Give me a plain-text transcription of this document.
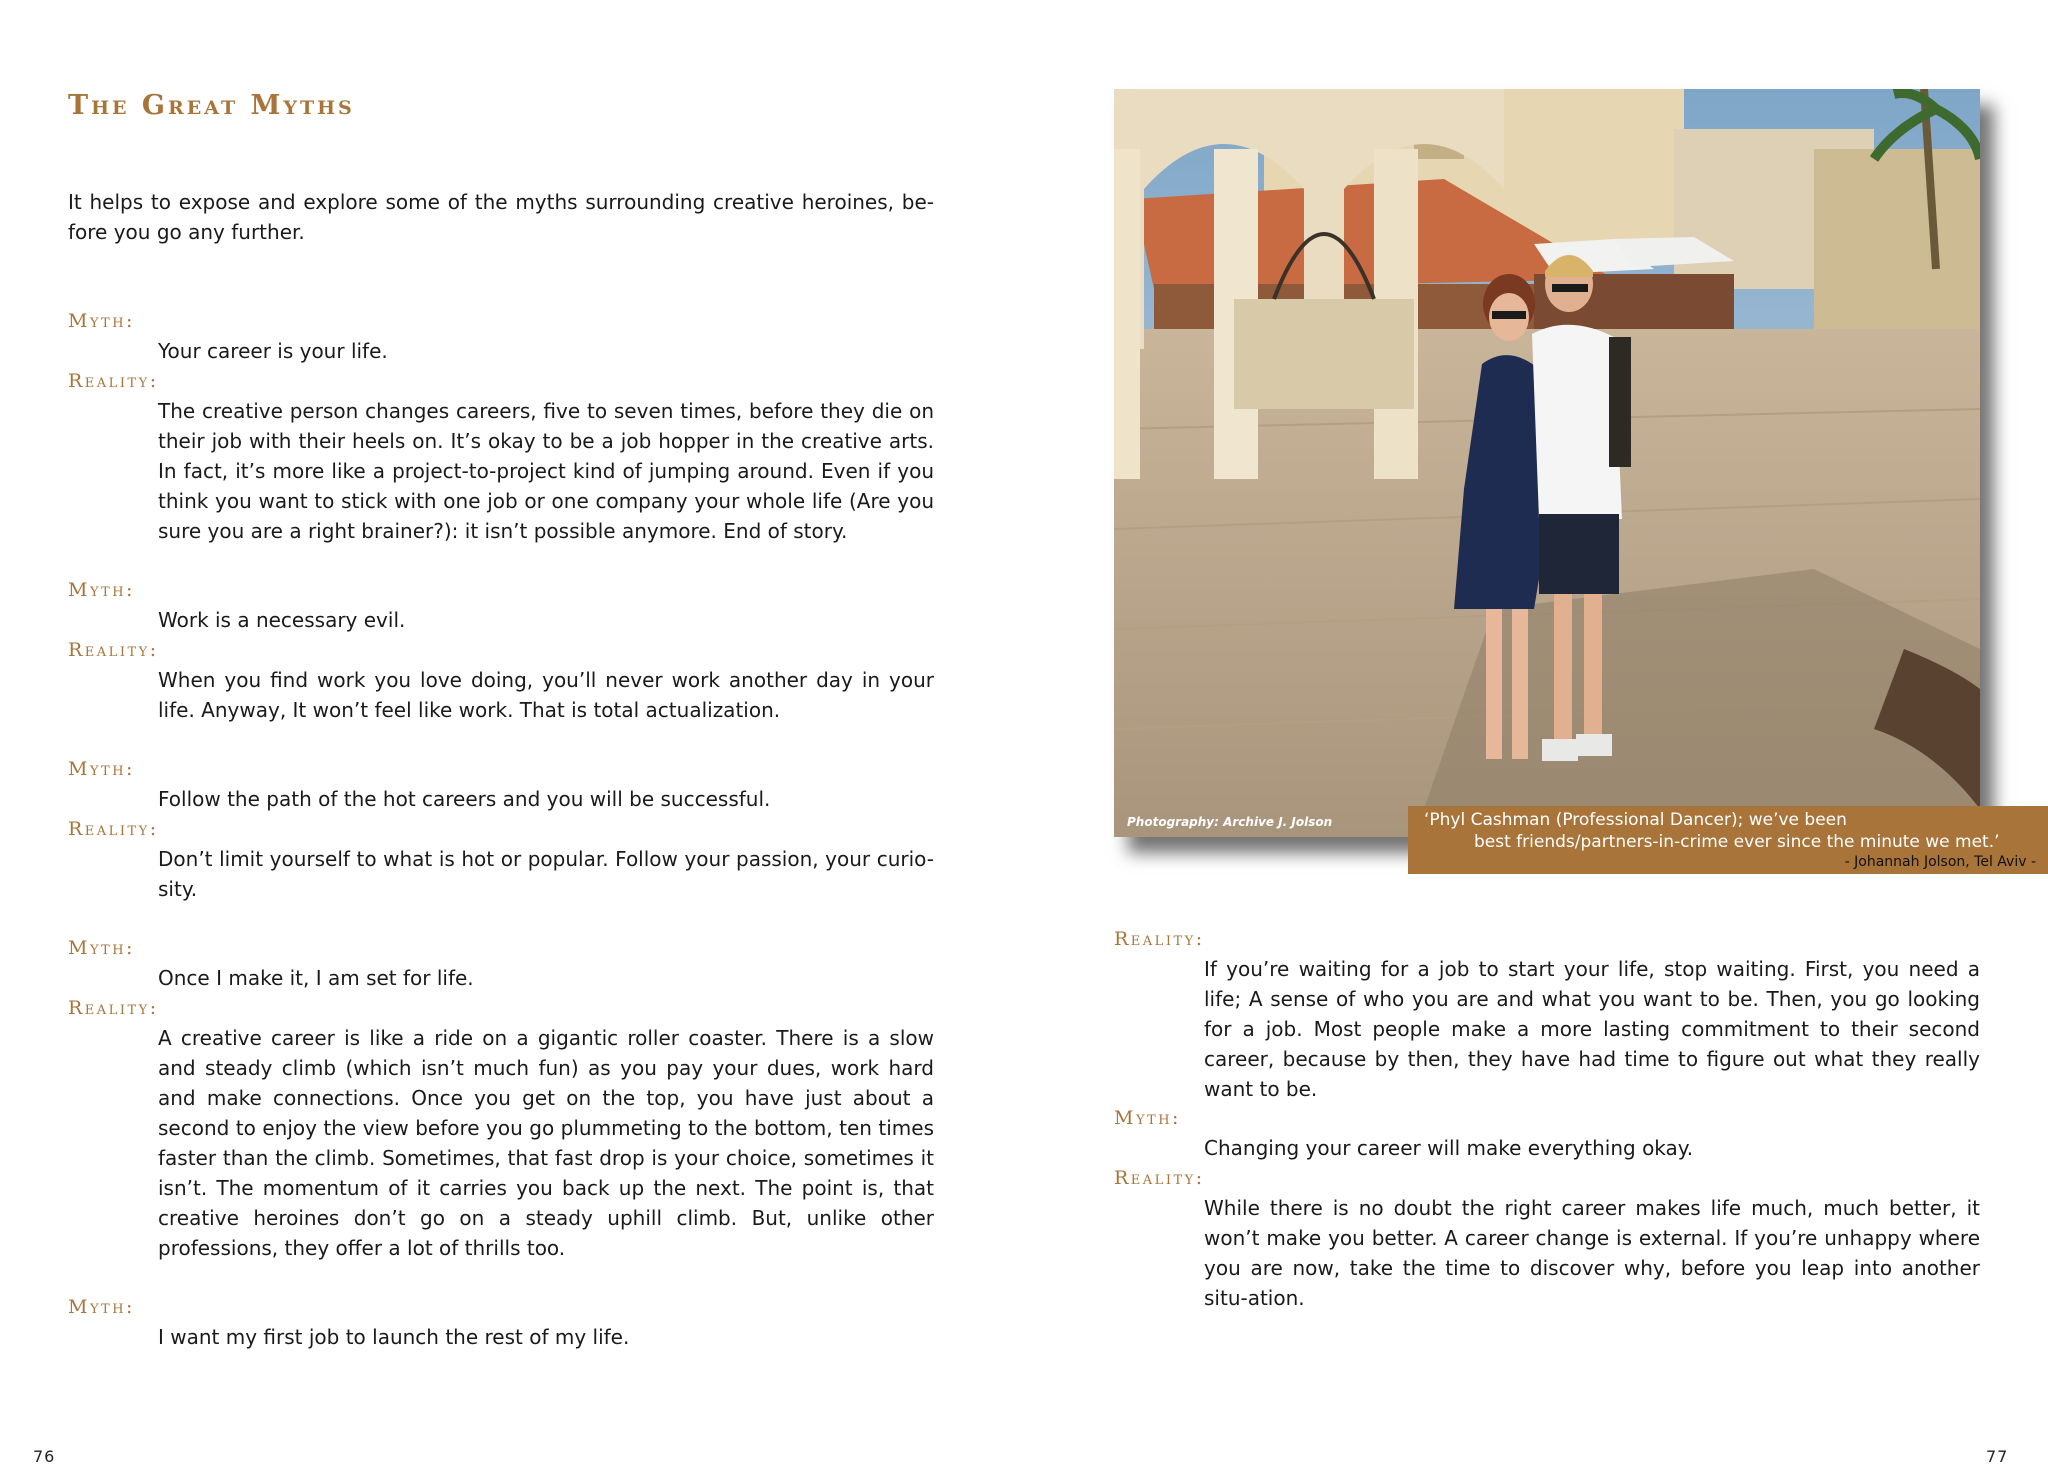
The Great Myths

It helps to expose and explore some of the myths surrounding creative heroines, be-fore you go any further.

Myth:
Your career is your life.
Reality:
The creative person changes careers, five to seven times, before they die on their job with their heels on. It’s okay to be a job hopper in the creative arts. In fact, it’s more like a project-to-project kind of jumping around. Even if you think you want to stick with one job or one company your whole life (Are you sure you are a right brainer?): it isn’t possible anymore. End of story.
Myth:
Work is a necessary evil.
Reality:
When you find work you love doing, you’ll never work another day in your life. Anyway, It won’t feel like work. That is total actualization.
Myth:
Follow the path of the hot careers and you will be successful.
Reality:
Don’t limit yourself to what is hot or popular. Follow your passion, your curio-sity.
Myth:
Once I make it, I am set for life.
Reality:
A creative career is like a ride on a gigantic roller coaster. There is a slow and steady climb (which isn’t much fun) as you pay your dues, work hard and make connections. Once you get on the top, you have just about a second to enjoy the view before you go plummeting to the bottom, ten times faster than the climb. Sometimes, that fast drop is your choice, sometimes it isn’t. The momentum of it carries you back up the next. The point is, that creative heroines don’t go on a steady uphill climb. But, unlike other professions, they offer a lot of thrills too.
Myth:
I want my first job to launch the rest of my life.
76
Photography: Archive J. Jolson	‘Phyl Cashman (Professional Dancer); we’ve been
best friends/partners-in-crime ever since the minute we met.’
- Johannah Jolson, Tel Aviv -
Reality:
If you’re waiting for a job to start your life, stop waiting. First, you need a life; A sense of who you are and what you want to be. Then, you go looking for a job. Most people make a more lasting commitment to their second career, because by then, they have had time to figure out what they really want to be.
Myth:
Changing your career will make everything okay.
Reality:
While there is no doubt the right career makes life much, much better, it won’t make you better. A career change is external. If you’re unhappy where you are now, take the time to discover why, before you leap into another situ-ation.
77
